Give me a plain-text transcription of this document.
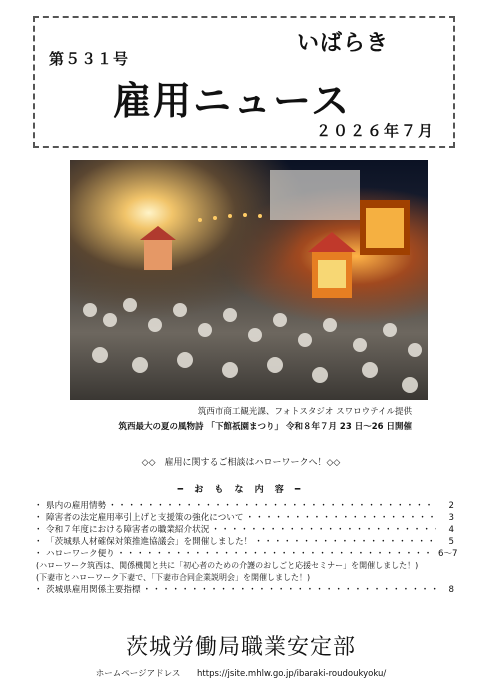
第５３１号
いばらき
雇用ニュース
２０２６年７月
筑西市商工観光課、フォトスタジオ スワロウテイル提供
筑西最大の夏の風物詩 「下館祇園まつり」 令和８年７月 23 日～26 日開催
◇◇　雇用に関するご相談はハローワークへ！◇◇
━ お も な 内 容 ━
・ 県内の雇用情勢 ・・・・・・・・・・・・・・・・・・・・・・・・・・・・・・・・・・・・・・・・・・・・・・・・・・・・・・・	2
・ 障害者の法定雇用率引上げと支援策の強化について ・・・・・・・・・・・・・・・・・・・・・・・・・・・・・・・・・・・・・・・・・・・・・・・・・・・・・・・	3
・ 令和７年度における障害者の職業紹介状況 ・・・・・・・・・・・・・・・・・・・・・・・・・・・・・・・・・・・・・・・・・・・・・・・・・・・・・・・	4
・ 「茨城県人材確保対策推進協議会」を開催しました！ ・・・・・・・・・・・・・・・・・・・・・・・・・・・・・・・・・・・・・・・・・・・・・・・・・・・・・・・	5
・ ハローワーク便り ・・・・・・・・・・・・・・・・・・・・・・・・・・・・・・・・・・・・・・・・・・・・・・・・・・・・・・・	6～7
(ハローワーク筑西は、関係機関と共に「初心者のための介護のおしごと応援セミナー」を開催しました！)
(下妻市とハローワーク下妻で、「下妻市合同企業説明会」を開催しました！)
・ 茨城県雇用関係主要指標 ・・・・・・・・・・・・・・・・・・・・・・・・・・・・・・・・・・・・・・・・・・・・・・・・・・・・・・・	8
茨城労働局職業安定部
ホームページアドレス https://jsite.mhlw.go.jp/ibaraki-roudoukyoku/
